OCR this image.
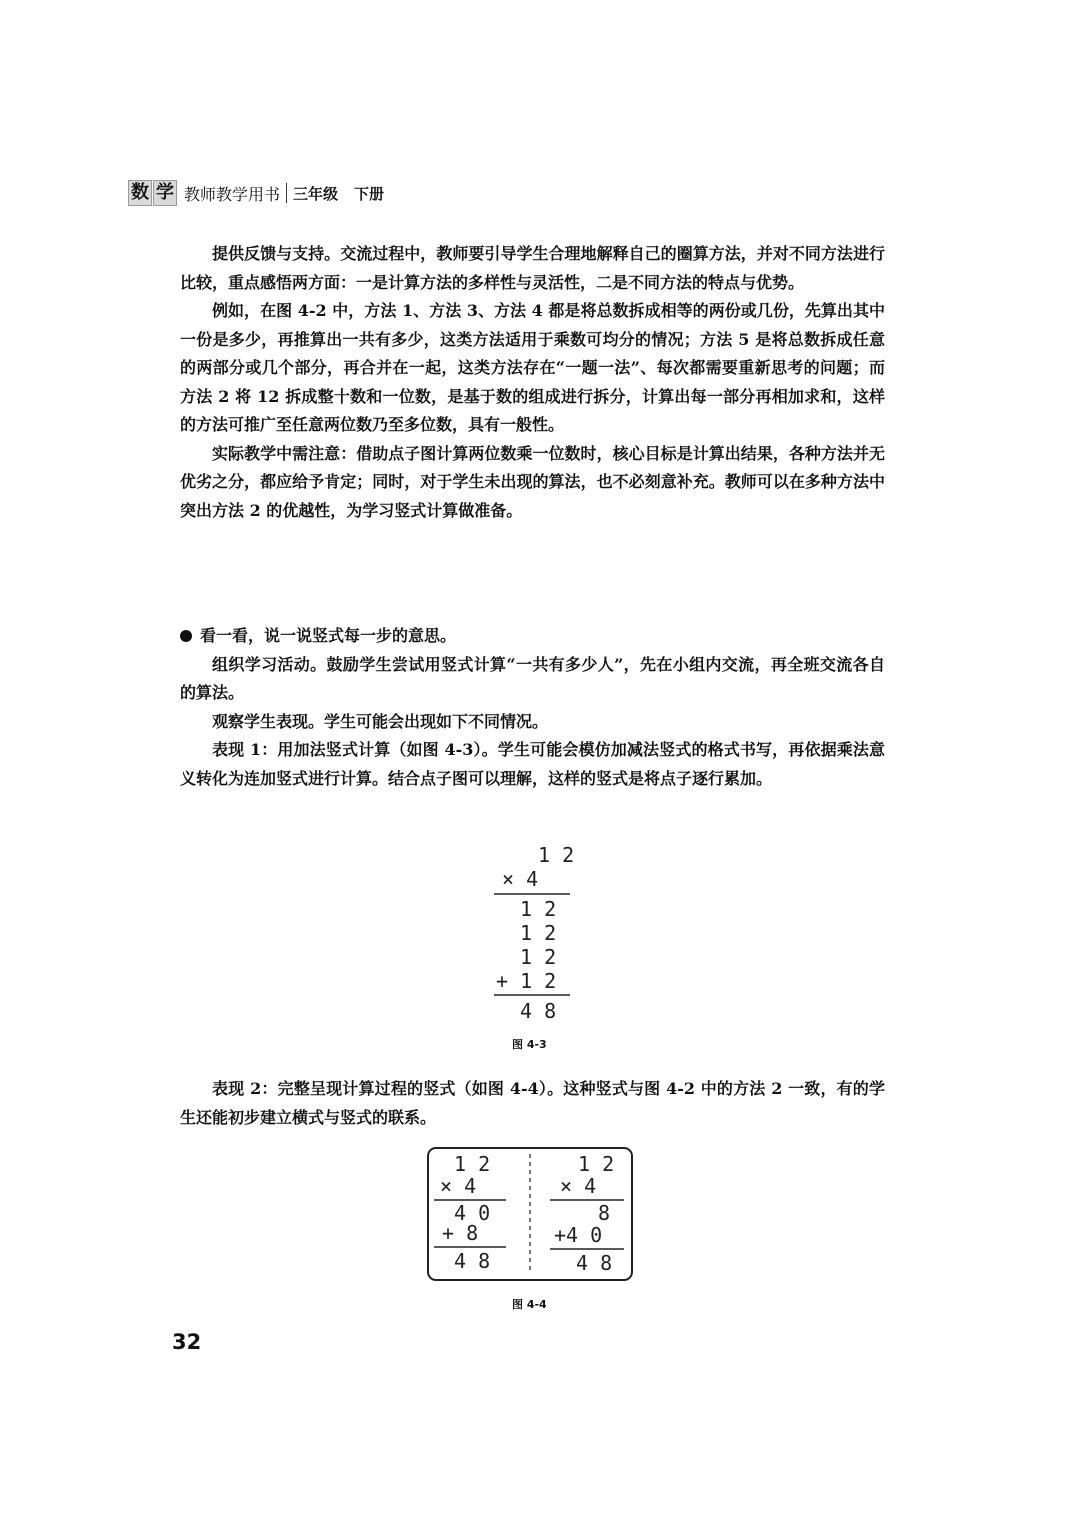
数 学 教师教学用书 三年级 下册

提供反馈与支持。交流过程中，教师要引导学生合理地解释自己的圈算方法，并对不同方法进行比较，重点感悟两方面：一是计算方法的多样性与灵活性，二是不同方法的特点与优势。

例如，在图 4-2 中，方法 1、方法 3、方法 4 都是将总数拆成相等的两份或几份，先算出其中一份是多少，再推算出一共有多少，这类方法适用于乘数可均分的情况；方法 5 是将总数拆成任意的两部分或几个部分，再合并在一起，这类方法存在“一题一法”、每次都需要重新思考的问题；而方法 2 将 12 拆成整十数和一位数，是基于数的组成进行拆分，计算出每一部分再相加求和，这样的方法可推广至任意两位数乃至多位数，具有一般性。

实际教学中需注意：借助点子图计算两位数乘一位数时，核心目标是计算出结果，各种方法并无优劣之分，都应给予肯定；同时，对于学生未出现的算法，也不必刻意补充。教师可以在多种方法中突出方法 2 的优越性，为学习竖式计算做准备。

看一看，说一说竖式每一步的意思。

组织学习活动。鼓励学生尝试用竖式计算“一共有多少人”，先在小组内交流，再全班交流各自的算法。

观察学生表现。学生可能会出现如下不同情况。

表现 1：用加法竖式计算（如图 4-3）。学生可能会模仿加减法竖式的格式书写，再依据乘法意义转化为连加竖式进行计算。结合点子图可以理解，这样的竖式是将点子逐行累加。

1 2
× 4
1 2
1 2
1 2
+ 1 2
4 8
图 4-3

表现 2：完整呈现计算过程的竖式（如图 4-4）。这种竖式与图 4-2 中的方法 2 一致，有的学生还能初步建立横式与竖式的联系。

1 2
× 4
4 0
+ 8
4 8
1 2
× 4
8
+4 0
4 8
图 4-4
32
